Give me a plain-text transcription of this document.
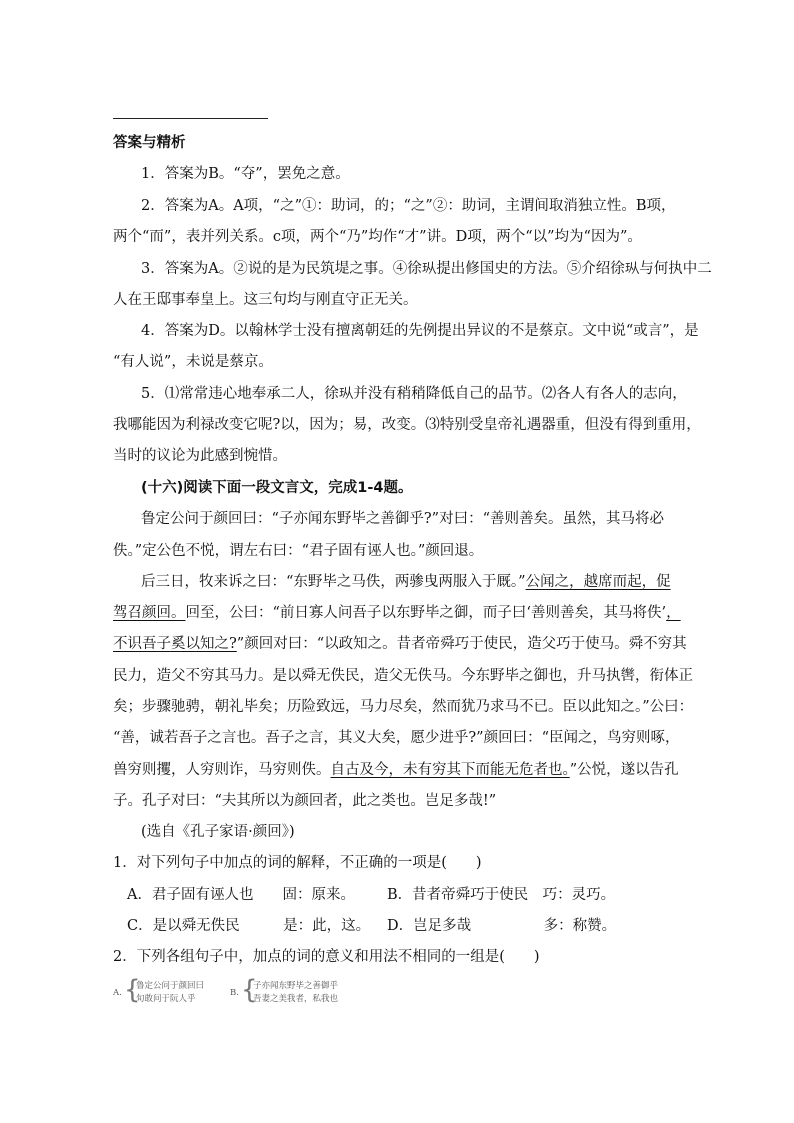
答案与精析
1．答案为B。“夺”，罢免之意。
2．答案为A。A项，“之”①：助词，的；“之”②：助词，主谓间取消独立性。B项，
两个“而”，表并列关系。c项，两个“乃”均作“才”讲。D项，两个“以”均为“因为”。
3．答案为A。②说的是为民筑堤之事。④徐𪻐提出修国史的方法。⑤介绍徐𪻐与何执中二
人在王邸事奉皇上。这三句均与刚直守正无关。
4．答案为D。以翰林学士没有擅离朝廷的先例提出异议的不是蔡京。文中说“或言”，是
“有人说”，未说是蔡京。
5．⑴常常违心地奉承二人，徐𪻐并没有稍稍降低自己的品节。⑵各人有各人的志向，
我哪能因为利禄改变它呢?以，因为；易，改变。⑶特别受皇帝礼遇器重，但没有得到重用，
当时的议论为此感到惋惜。
(十六)阅读下面一段文言文，完成1-4题。
鲁定公问于颜回曰：“子亦闻东野毕之善御乎?”对曰：“善则善矣。虽然，其马将必
佚。”定公色不悦，谓左右曰：“君子固有诬人也。”颜回退。
后三日，牧来诉之曰：“东野毕之马佚，两骖曳两服入于厩。”公闻之，越席而起，促
驾召颜回。回至，公曰：“前日寡人问吾子以东野毕之御，而子曰‘善则善矣，其马将佚’，
不识吾子奚以知之?”颜回对曰：“以政知之。昔者帝舜巧于使民，造父巧于使马。舜不穷其
民力，造父不穷其马力。是以舜无佚民，造父无佚马。今东野毕之御也，升马执辔，衔体正
矣；步骤驰骋，朝礼毕矣；历险致远，马力尽矣，然而犹乃求马不已。臣以此知之。”公曰：
“善，诚若吾子之言也。吾子之言，其义大矣，愿少进乎?”颜回曰：“臣闻之，鸟穷则啄，
兽穷则攫，人穷则诈，马穷则佚。自古及今，未有穷其下而能无危者也。”公悦，遂以告孔
子。孔子对曰：“夫其所以为颜回者，此之类也。岂足多哉!”
(选自《孔子家语·颜回》)
1．对下列句子中加点的词的解释，不正确的一项是(　　)
A．君子固有诬人也　　固：原来。 B．昔者帝舜巧于使民　巧：灵巧。
C．是以舜无佚民　　　是：此，这。 D．岂足多哉　　　　　多：称赞。
2．下列各组句子中，加点的词的意义和用法不相同的一组是(　　)
A. {
鲁定公问于颜回曰
旬敢问于阮人乎
B. {
子亦闻东野毕之善御乎
吾妻之美我者，私我也
